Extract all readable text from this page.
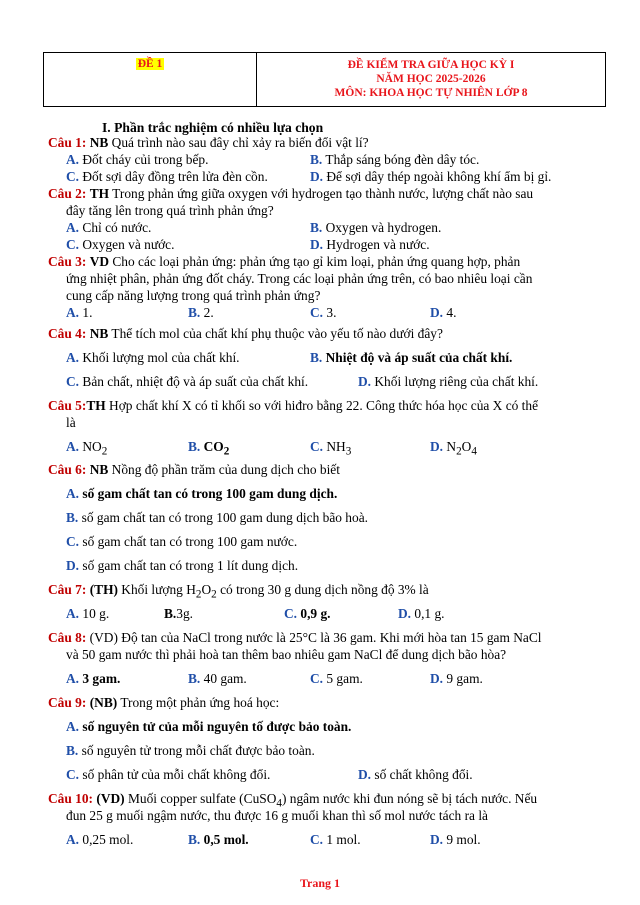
ĐỀ 1	ĐỀ KIỂM TRA GIỮA HỌC KỲ I
NĂM HỌC 2025-2026
MÔN: KHOA HỌC TỰ NHIÊN LỚP 8
I. Phần trắc nghiệm có nhiều lựa chọn
Câu 1: NB Quá trình nào sau đây chỉ xảy ra biến đổi vật lí?
A. Đốt cháy củi trong bếp.	B. Thắp sáng bóng đèn dây tóc.
C. Đốt sợi dây đồng trên lửa đèn cồn.	D. Để sợi dây thép ngoài không khí ẩm bị gỉ.
Câu 2: TH Trong phản ứng giữa oxygen với hydrogen tạo thành nước, lượng chất nào sau
đây tăng lên trong quá trình phản ứng?
A. Chỉ có nước.	B. Oxygen và hydrogen.
C. Oxygen và nước.	D. Hydrogen và nước.
Câu 3: VD Cho các loại phản ứng: phản ứng tạo gỉ kim loại, phản ứng quang hợp, phản
ứng nhiệt phân, phản ứng đốt cháy. Trong các loại phản ứng trên, có bao nhiêu loại cần
cung cấp năng lượng trong quá trình phản ứng?
A. 1.	B. 2.	C. 3.	D. 4.
Câu 4: NB Thể tích mol của chất khí phụ thuộc vào yếu tố nào dưới đây?
A. Khối lượng mol của chất khí.	B. Nhiệt độ và áp suất của chất khí.
C. Bản chất, nhiệt độ và áp suất của chất khí.	D. Khối lượng riêng của chất khí.
Câu 5:TH Hợp chất khí X có tỉ khối so với hiđro bằng 22. Công thức hóa học của X có thể
là
A. $NO_2$	B. $CO_2$	C. $NH_3$	D. $N_2O_4$
Câu 6: NB Nồng độ phần trăm của dung dịch cho biết
A. số gam chất tan có trong 100 gam dung dịch.
B. số gam chất tan có trong 100 gam dung dịch bão hoà.
C. số gam chất tan có trong 100 gam nước.
D. số gam chất tan có trong 1 lít dung dịch.
Câu 7: (TH) Khối lượng $H_2O_2$ có trong 30 g dung dịch nồng độ 3% là
A. 10 g.	B.3g.	C. 0,9 g.	D. 0,1 g.
Câu 8: (VD) Độ tan của NaCl trong nước là 25°C là 36 gam. Khi mới hòa tan 15 gam NaCl
và 50 gam nước thì phải hoà tan thêm bao nhiêu gam NaCl để dung dịch bão hòa?
A. 3 gam.	B. 40 gam.	C. 5 gam.	D. 9 gam.
Câu 9: (NB) Trong một phản ứng hoá học:
A. số nguyên tử của mỗi nguyên tố được bảo toàn.
B. số nguyên tử trong mỗi chất được bảo toàn.
C. số phân tử của mỗi chất không đổi.	D. số chất không đổi.
Câu 10: (VD) Muối copper sulfate (CuSO$_4$) ngâm nước khi đun nóng sẽ bị tách nước. Nếu
đun 25 g muối ngậm nước, thu được 16 g muối khan thì số mol nước tách ra là
A. 0,25 mol.	B. 0,5 mol.	C. 1 mol.	D. 9 mol.
Trang 1
